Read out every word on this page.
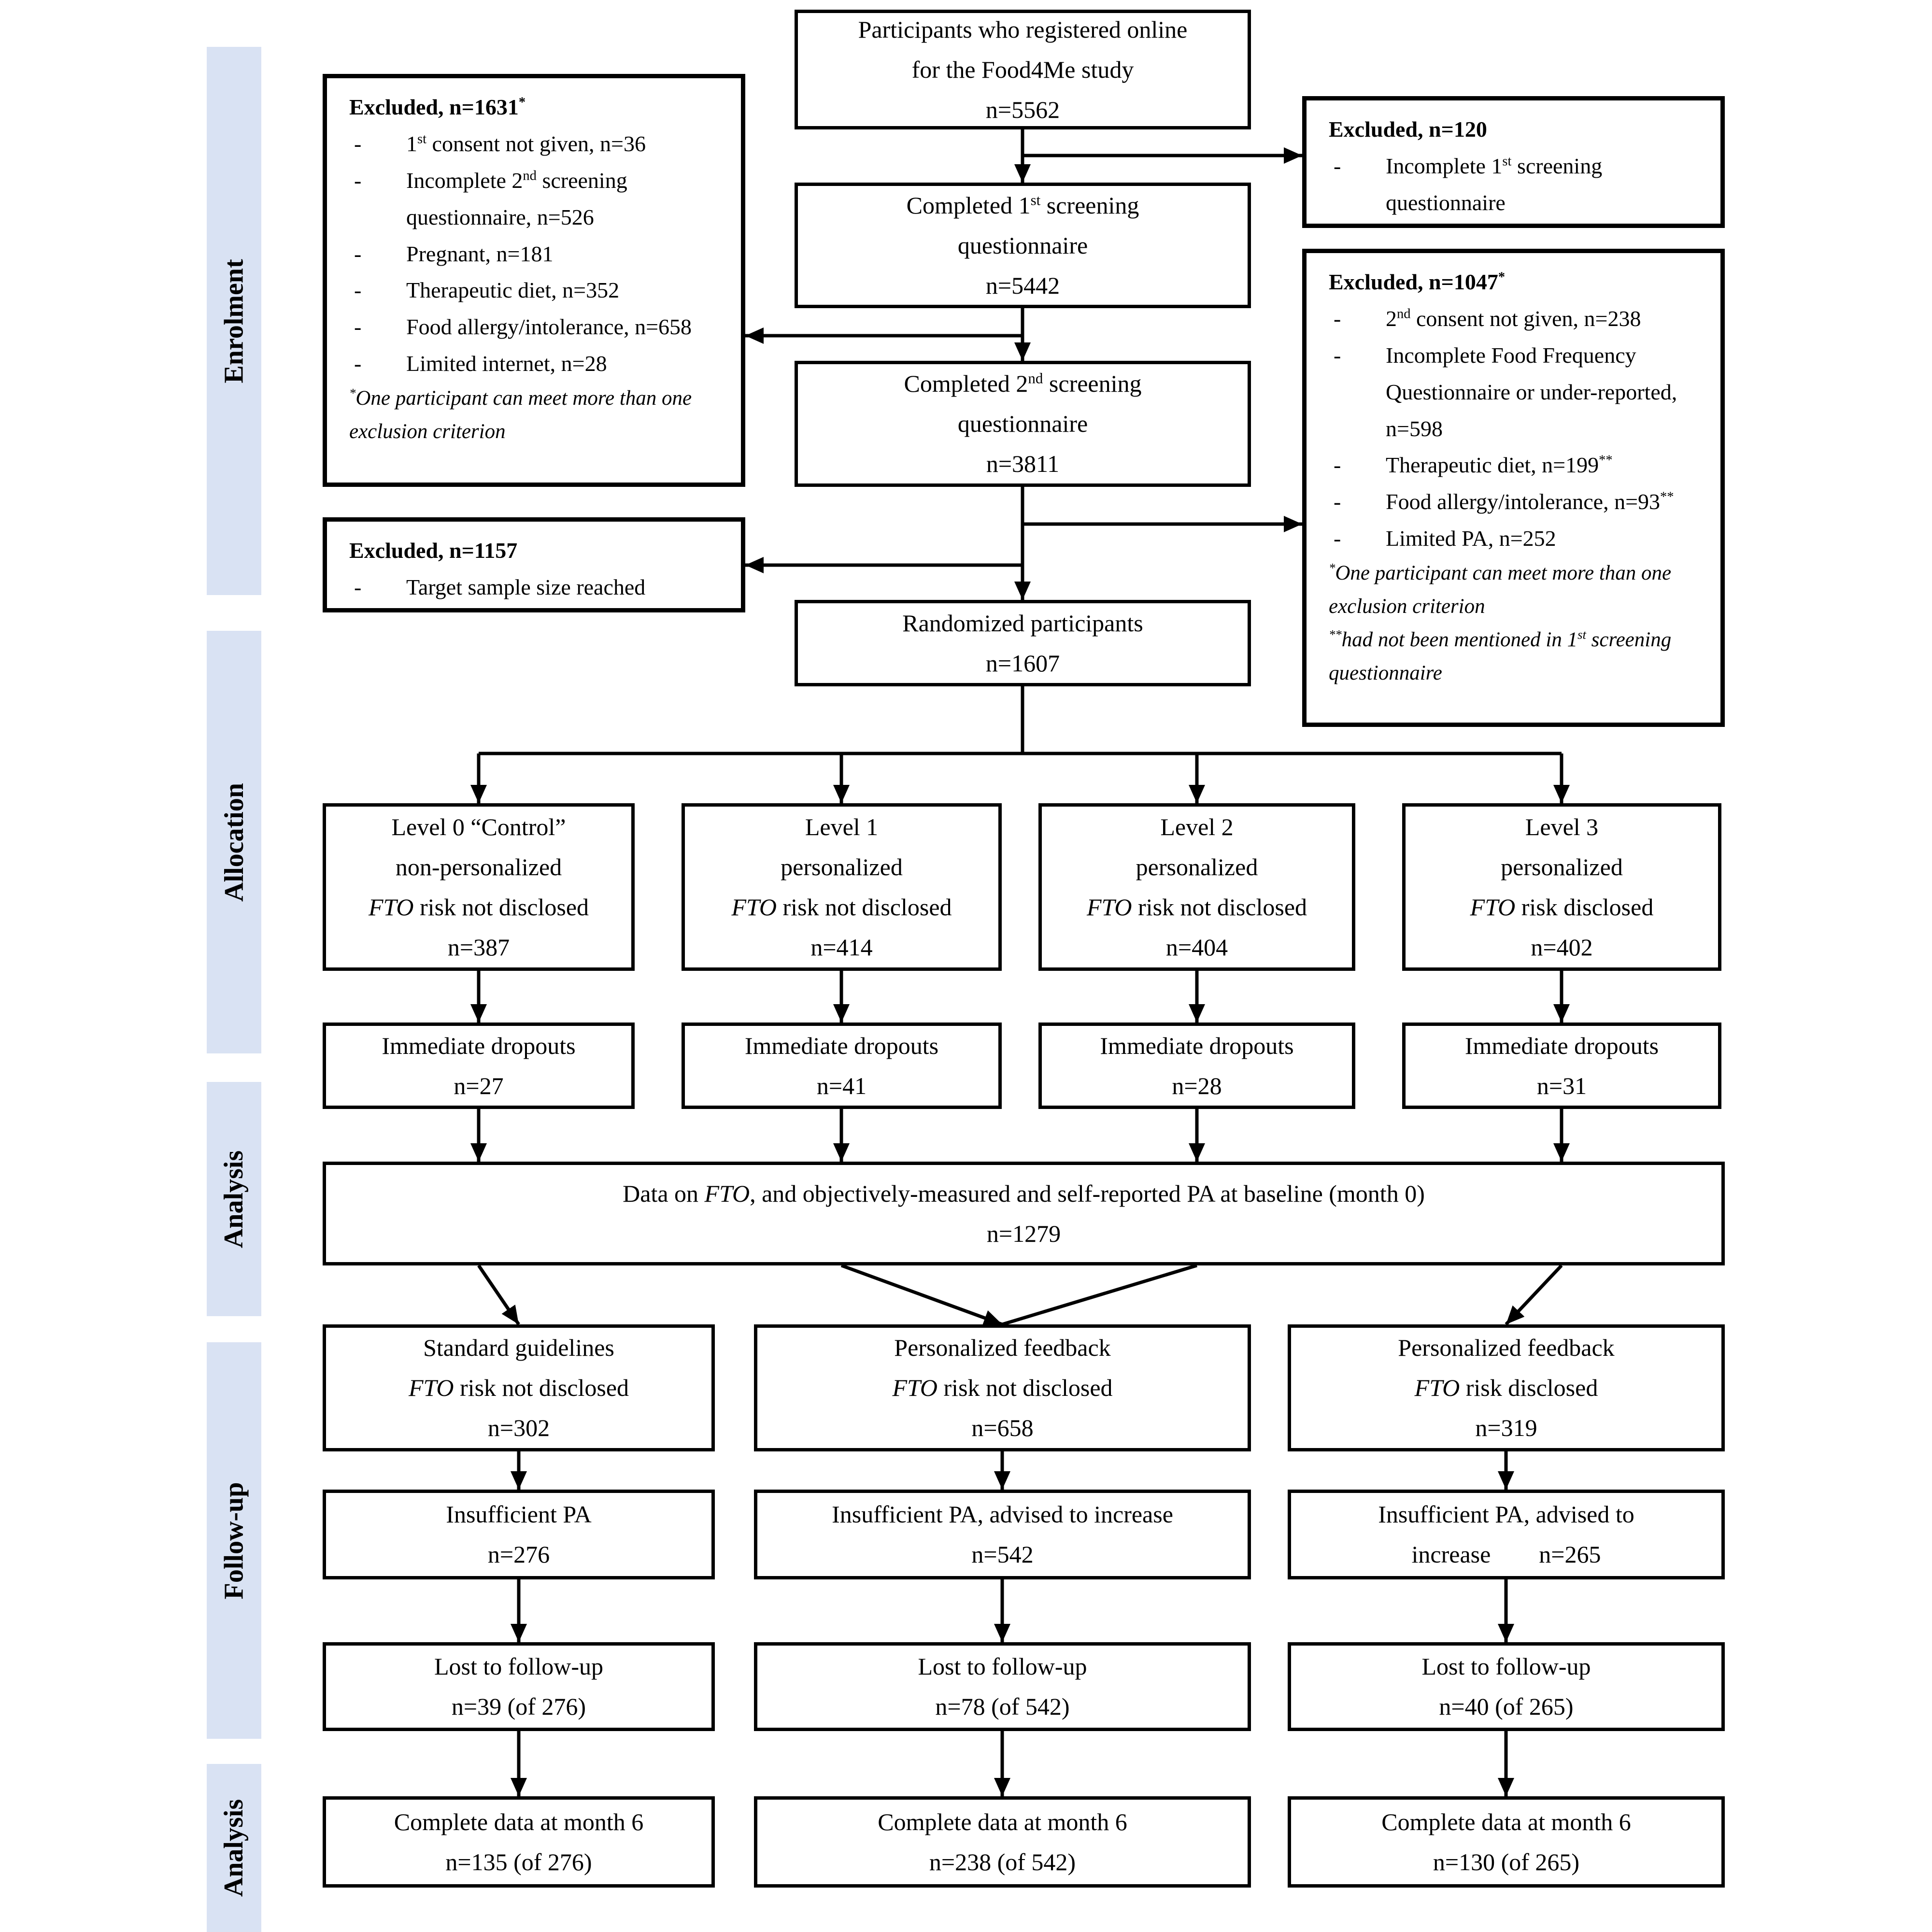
Enrolment
Allocation
Analysis
Follow-up
Analysis
Participants who registered online
for the Food4Me study
n=5562
Excluded, n=1631*
- 1st consent not given, n=36
- Incomplete 2nd screening questionnaire, n=526
- Pregnant, n=181
- Therapeutic diet, n=352
- Food allergy/intolerance, n=658
- Limited internet, n=28
*One participant can meet more than one exclusion criterion
Excluded, n=120
- Incomplete 1st screening questionnaire
Completed 1st screening
questionnaire
n=5442	Excluded, n=1047*
- 2nd consent not given, n=238
- Incomplete Food Frequency Questionnaire or under-reported, n=598
- Therapeutic diet, n=199**
- Food allergy/intolerance, n=93**
- Limited PA, n=252
*One participant can meet more than one exclusion criterion
**had not been mentioned in 1st screening questionnaire
Completed 2nd screening
questionnaire
n=3811
Excluded, n=1157
- Target sample size reached
Randomized participants
n=1607
Level 0 “Control”
non-personalized
FTO risk not disclosed
n=387
Level 1
personalized
FTO risk not disclosed
n=414
Level 2
personalized
FTO risk not disclosed
n=404
Level 3
personalized
FTO risk disclosed
n=402
Immediate dropouts
n=27
Immediate dropouts
n=41
Immediate dropouts
n=28
Immediate dropouts
n=31
Data on FTO, and objectively-measured and self-reported PA at baseline (month 0)
n=1279
Standard guidelines
FTO risk not disclosed
n=302
Personalized feedback
FTO risk not disclosed
n=658
Personalized feedback
FTO risk disclosed
n=319
Insufficient PA
n=276
Insufficient PA, advised to increase
n=542
Insufficient PA, advised to
increase        n=265
Lost to follow-up
n=39 (of 276)
Lost to follow-up
n=78 (of 542)
Lost to follow-up
n=40 (of 265)
Complete data at month 6
n=135 (of 276)
Complete data at month 6
n=238 (of 542)
Complete data at month 6
n=130 (of 265)
